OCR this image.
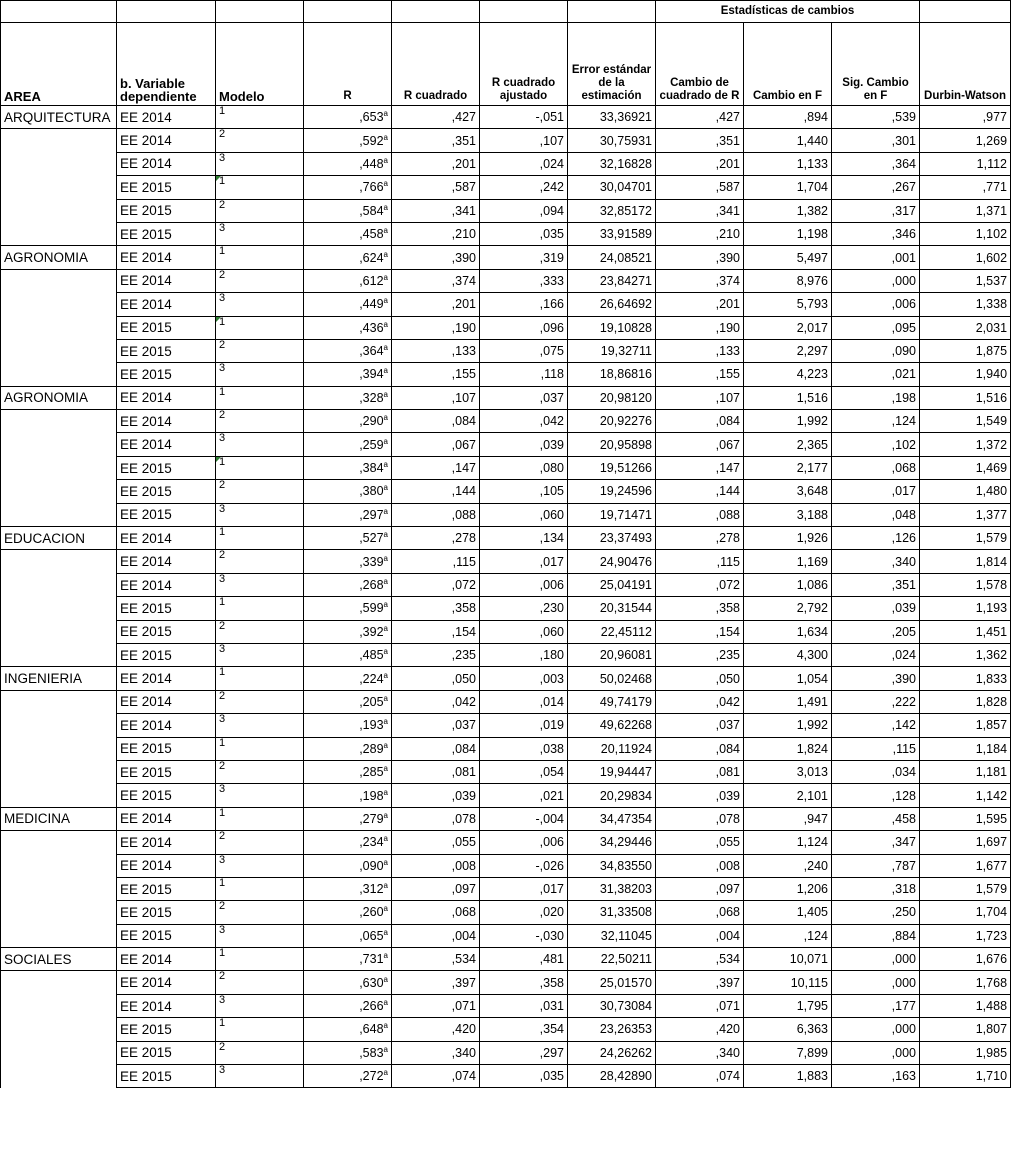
							Estadísticas de cambios			
AREA	b. Variable dependiente	Modelo	R	R cuadrado	R cuadrado ajustado	Error estándar de la estimación	Cambio de cuadrado de R	Cambio en F	Sig. Cambio en F	Durbin-Watson
ARQUITECTURA	EE 2014	1	,653$^a$	,427	-,051	33,36921	,427	,894	,539	,977
	EE 2014	2	,592$^a$	,351	,107	30,75931	,351	1,440	,301	1,269
	EE 2014	3	,448$^a$	,201	,024	32,16828	,201	1,133	,364	1,112
	EE 2015	1	,766$^a$	,587	,242	30,04701	,587	1,704	,267	,771
	EE 2015	2	,584$^a$	,341	,094	32,85172	,341	1,382	,317	1,371
	EE 2015	3	,458$^a$	,210	,035	33,91589	,210	1,198	,346	1,102
AGRONOMIA	EE 2014	1	,624$^a$	,390	,319	24,08521	,390	5,497	,001	1,602
	EE 2014	2	,612$^a$	,374	,333	23,84271	,374	8,976	,000	1,537
	EE 2014	3	,449$^a$	,201	,166	26,64692	,201	5,793	,006	1,338
	EE 2015	1	,436$^a$	,190	,096	19,10828	,190	2,017	,095	2,031
	EE 2015	2	,364$^a$	,133	,075	19,32711	,133	2,297	,090	1,875
	EE 2015	3	,394$^a$	,155	,118	18,86816	,155	4,223	,021	1,940
AGRONOMIA	EE 2014	1	,328$^a$	,107	,037	20,98120	,107	1,516	,198	1,516
	EE 2014	2	,290$^a$	,084	,042	20,92276	,084	1,992	,124	1,549
	EE 2014	3	,259$^a$	,067	,039	20,95898	,067	2,365	,102	1,372
	EE 2015	1	,384$^a$	,147	,080	19,51266	,147	2,177	,068	1,469
	EE 2015	2	,380$^a$	,144	,105	19,24596	,144	3,648	,017	1,480
	EE 2015	3	,297$^a$	,088	,060	19,71471	,088	3,188	,048	1,377
EDUCACION	EE 2014	1	,527$^a$	,278	,134	23,37493	,278	1,926	,126	1,579
	EE 2014	2	,339$^a$	,115	,017	24,90476	,115	1,169	,340	1,814
	EE 2014	3	,268$^a$	,072	,006	25,04191	,072	1,086	,351	1,578
	EE 2015	1	,599$^a$	,358	,230	20,31544	,358	2,792	,039	1,193
	EE 2015	2	,392$^a$	,154	,060	22,45112	,154	1,634	,205	1,451
	EE 2015	3	,485$^a$	,235	,180	20,96081	,235	4,300	,024	1,362
INGENIERIA	EE 2014	1	,224$^a$	,050	,003	50,02468	,050	1,054	,390	1,833
	EE 2014	2	,205$^a$	,042	,014	49,74179	,042	1,491	,222	1,828
	EE 2014	3	,193$^a$	,037	,019	49,62268	,037	1,992	,142	1,857
	EE 2015	1	,289$^a$	,084	,038	20,11924	,084	1,824	,115	1,184
	EE 2015	2	,285$^a$	,081	,054	19,94447	,081	3,013	,034	1,181
	EE 2015	3	,198$^a$	,039	,021	20,29834	,039	2,101	,128	1,142
MEDICINA	EE 2014	1	,279$^a$	,078	-,004	34,47354	,078	,947	,458	1,595
	EE 2014	2	,234$^a$	,055	,006	34,29446	,055	1,124	,347	1,697
	EE 2014	3	,090$^a$	,008	-,026	34,83550	,008	,240	,787	1,677
	EE 2015	1	,312$^a$	,097	,017	31,38203	,097	1,206	,318	1,579
	EE 2015	2	,260$^a$	,068	,020	31,33508	,068	1,405	,250	1,704
	EE 2015	3	,065$^a$	,004	-,030	32,11045	,004	,124	,884	1,723
SOCIALES	EE 2014	1	,731$^a$	,534	,481	22,50211	,534	10,071	,000	1,676
	EE 2014	2	,630$^a$	,397	,358	25,01570	,397	10,115	,000	1,768
	EE 2014	3	,266$^a$	,071	,031	30,73084	,071	1,795	,177	1,488
	EE 2015	1	,648$^a$	,420	,354	23,26353	,420	6,363	,000	1,807
	EE 2015	2	,583$^a$	,340	,297	24,26262	,340	7,899	,000	1,985
	EE 2015	3	,272$^a$	,074	,035	28,42890	,074	1,883	,163	1,710
